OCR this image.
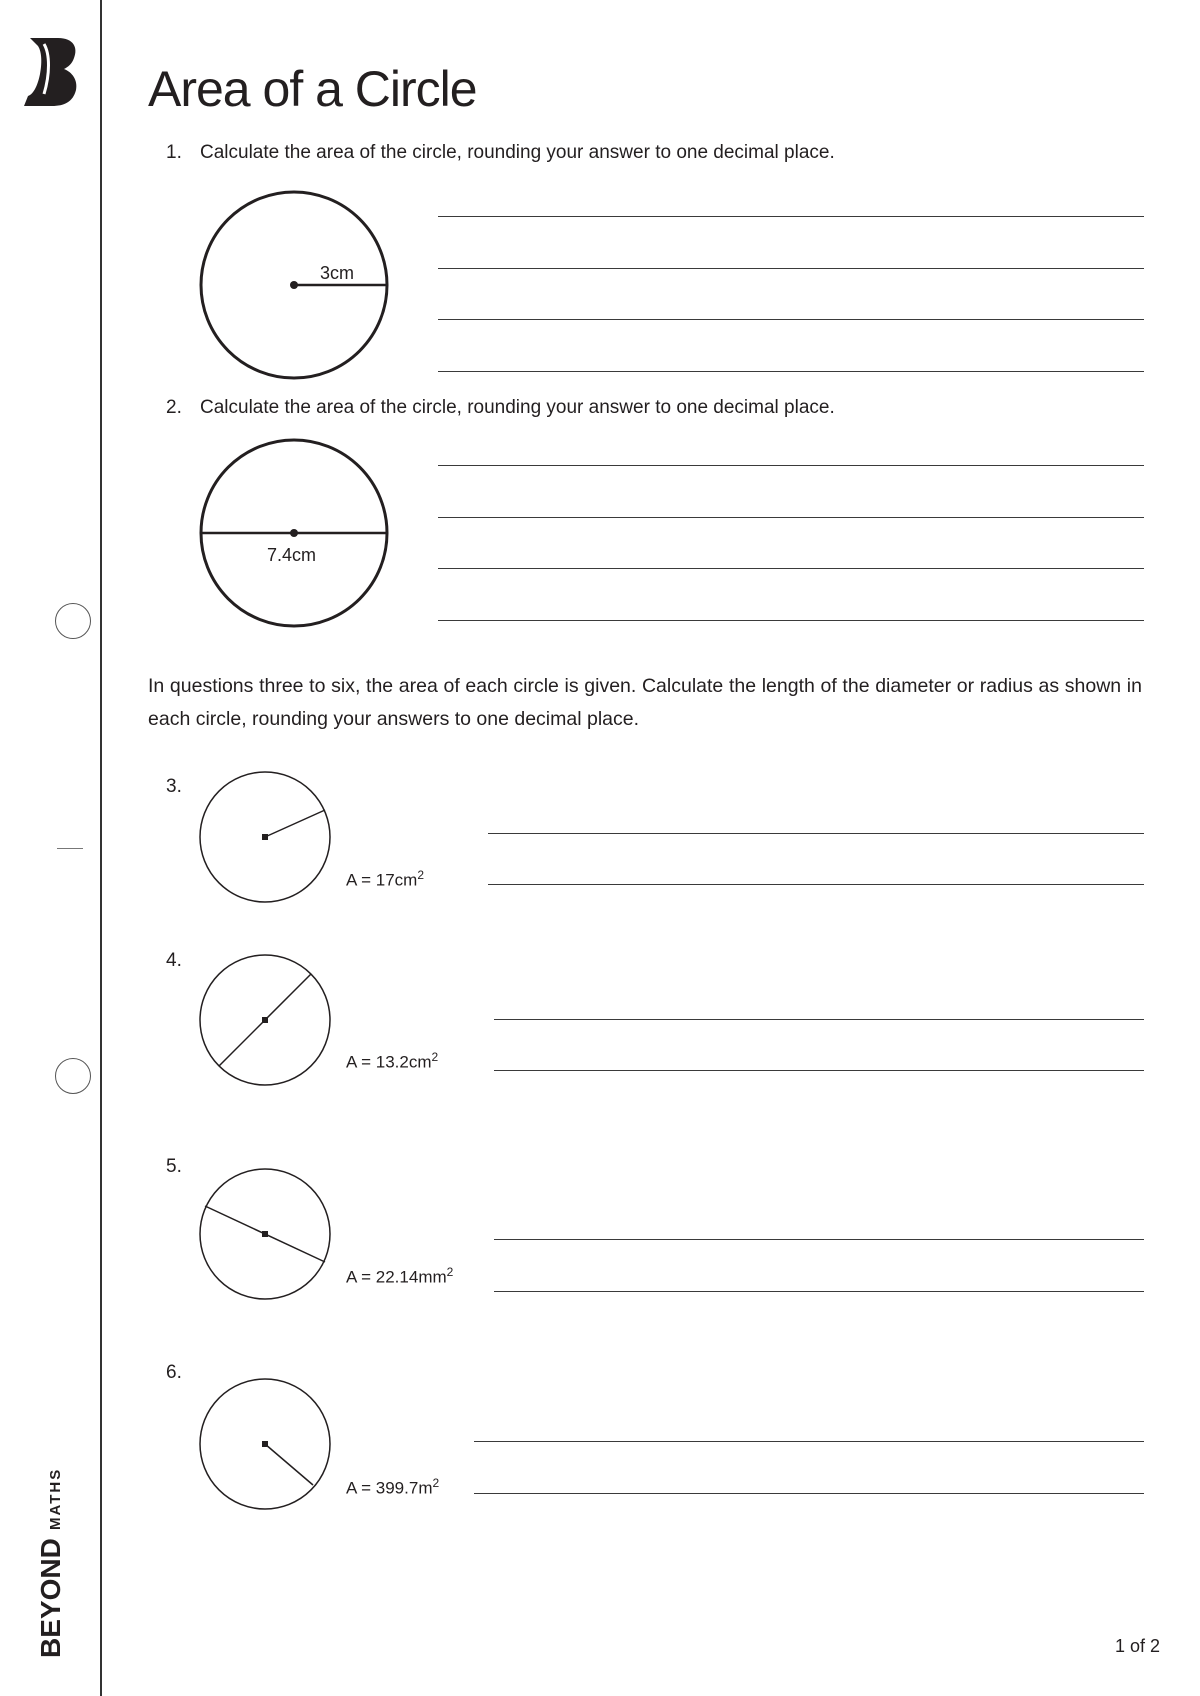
BEYOND
MATHS
Area of a Circle
1. Calculate the area of the circle, rounding your answer to one decimal place.
3cm
2. Calculate the area of the circle, rounding your answer to one decimal place.
7.4cm
In questions three to six, the area of each circle is given. Calculate the length of the diameter or radius as shown in each circle, rounding your answers to one decimal place.
3.
$A = 17cm^2$
4.
$A = 13.2cm^2$
5.
$A = 22.14mm^2$
6.
$A = 399.7m^2$
1 of 2
